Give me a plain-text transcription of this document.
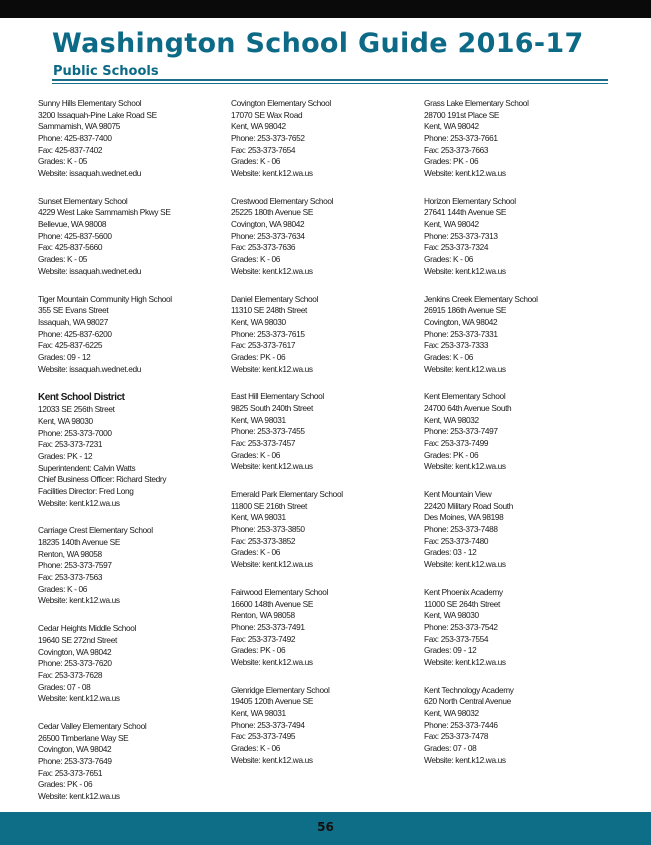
Washington School Guide 2016-17
Public Schools
Sunny Hills Elementary School
3200 Issaquah-Pine Lake Road SE
Sammamish, WA 98075
Phone: 425-837-7400
Fax: 425-837-7402
Grades: K - 05
Website: issaquah.wednet.edu
Sunset Elementary School
4229 West Lake Sammamish Pkwy SE
Bellevue, WA 98008
Phone: 425-837-5600
Fax: 425-837-5660
Grades: K - 05
Website: issaquah.wednet.edu
Tiger Mountain Community High School
355 SE Evans Street
Issaquah, WA 98027
Phone: 425-837-6200
Fax: 425-837-6225
Grades: 09 - 12
Website: issaquah.wednet.edu
Kent School District
12033 SE 256th Street
Kent, WA 98030
Phone: 253-373-7000
Fax: 253-373-7231
Grades: PK - 12
Superintendent: Calvin Watts
Chief Business Officer: Richard Stedry
Facilities Director: Fred Long
Website: kent.k12.wa.us
Carriage Crest Elementary School
18235 140th Avenue SE
Renton, WA 98058
Phone: 253-373-7597
Fax: 253-373-7563
Grades: K - 06
Website: kent.k12.wa.us
Cedar Heights Middle School
19640 SE 272nd Street
Covington, WA 98042
Phone: 253-373-7620
Fax: 253-373-7628
Grades: 07 - 08
Website: kent.k12.wa.us
Cedar Valley Elementary School
26500 Timberlane Way SE
Covington, WA 98042
Phone: 253-373-7649
Fax: 253-373-7651
Grades: PK - 06
Website: kent.k12.wa.us
Covington Elementary School
17070 SE Wax Road
Kent, WA 98042
Phone: 253-373-7652
Fax: 253-373-7654
Grades: K - 06
Website: kent.k12.wa.us
Crestwood Elementary School
25225 180th Avenue SE
Covington, WA 98042
Phone: 253-373-7634
Fax: 253-373-7636
Grades: K - 06
Website: kent.k12.wa.us
Daniel Elementary School
11310 SE 248th Street
Kent, WA 98030
Phone: 253-373-7615
Fax: 253-373-7617
Grades: PK - 06
Website: kent.k12.wa.us
East Hill Elementary School
9825 South 240th Street
Kent, WA 98031
Phone: 253-373-7455
Fax: 253-373-7457
Grades: K - 06
Website: kent.k12.wa.us
Emerald Park Elementary School
11800 SE 216th Street
Kent, WA 98031
Phone: 253-373-3850
Fax: 253-373-3852
Grades: K - 06
Website: kent.k12.wa.us
Fairwood Elementary School
16600 148th Avenue SE
Renton, WA 98058
Phone: 253-373-7491
Fax: 253-373-7492
Grades: PK - 06
Website: kent.k12.wa.us
Glenridge Elementary School
19405 120th Avenue SE
Kent, WA 98031
Phone: 253-373-7494
Fax: 253-373-7495
Grades: K - 06
Website: kent.k12.wa.us
Grass Lake Elementary School
28700 191st Place SE
Kent, WA 98042
Phone: 253-373-7661
Fax: 253-373-7663
Grades: PK - 06
Website: kent.k12.wa.us
Horizon Elementary School
27641 144th Avenue SE
Kent, WA 98042
Phone: 253-373-7313
Fax: 253-373-7324
Grades: K - 06
Website: kent.k12.wa.us
Jenkins Creek Elementary School
26915 186th Avenue SE
Covington, WA 98042
Phone: 253-373-7331
Fax: 253-373-7333
Grades: K - 06
Website: kent.k12.wa.us
Kent Elementary School
24700 64th Avenue South
Kent, WA 98032
Phone: 253-373-7497
Fax: 253-373-7499
Grades: PK - 06
Website: kent.k12.wa.us
Kent Mountain View
22420 Military Road South
Des Moines, WA 98198
Phone: 253-373-7488
Fax: 253-373-7480
Grades: 03 - 12
Website: kent.k12.wa.us
Kent Phoenix Academy
11000 SE 264th Street
Kent, WA 98030
Phone: 253-373-7542
Fax: 253-373-7554
Grades: 09 - 12
Website: kent.k12.wa.us
Kent Technology Academy
620 North Central Avenue
Kent, WA 98032
Phone: 253-373-7446
Fax: 253-373-7478
Grades: 07 - 08
Website: kent.k12.wa.us
56
